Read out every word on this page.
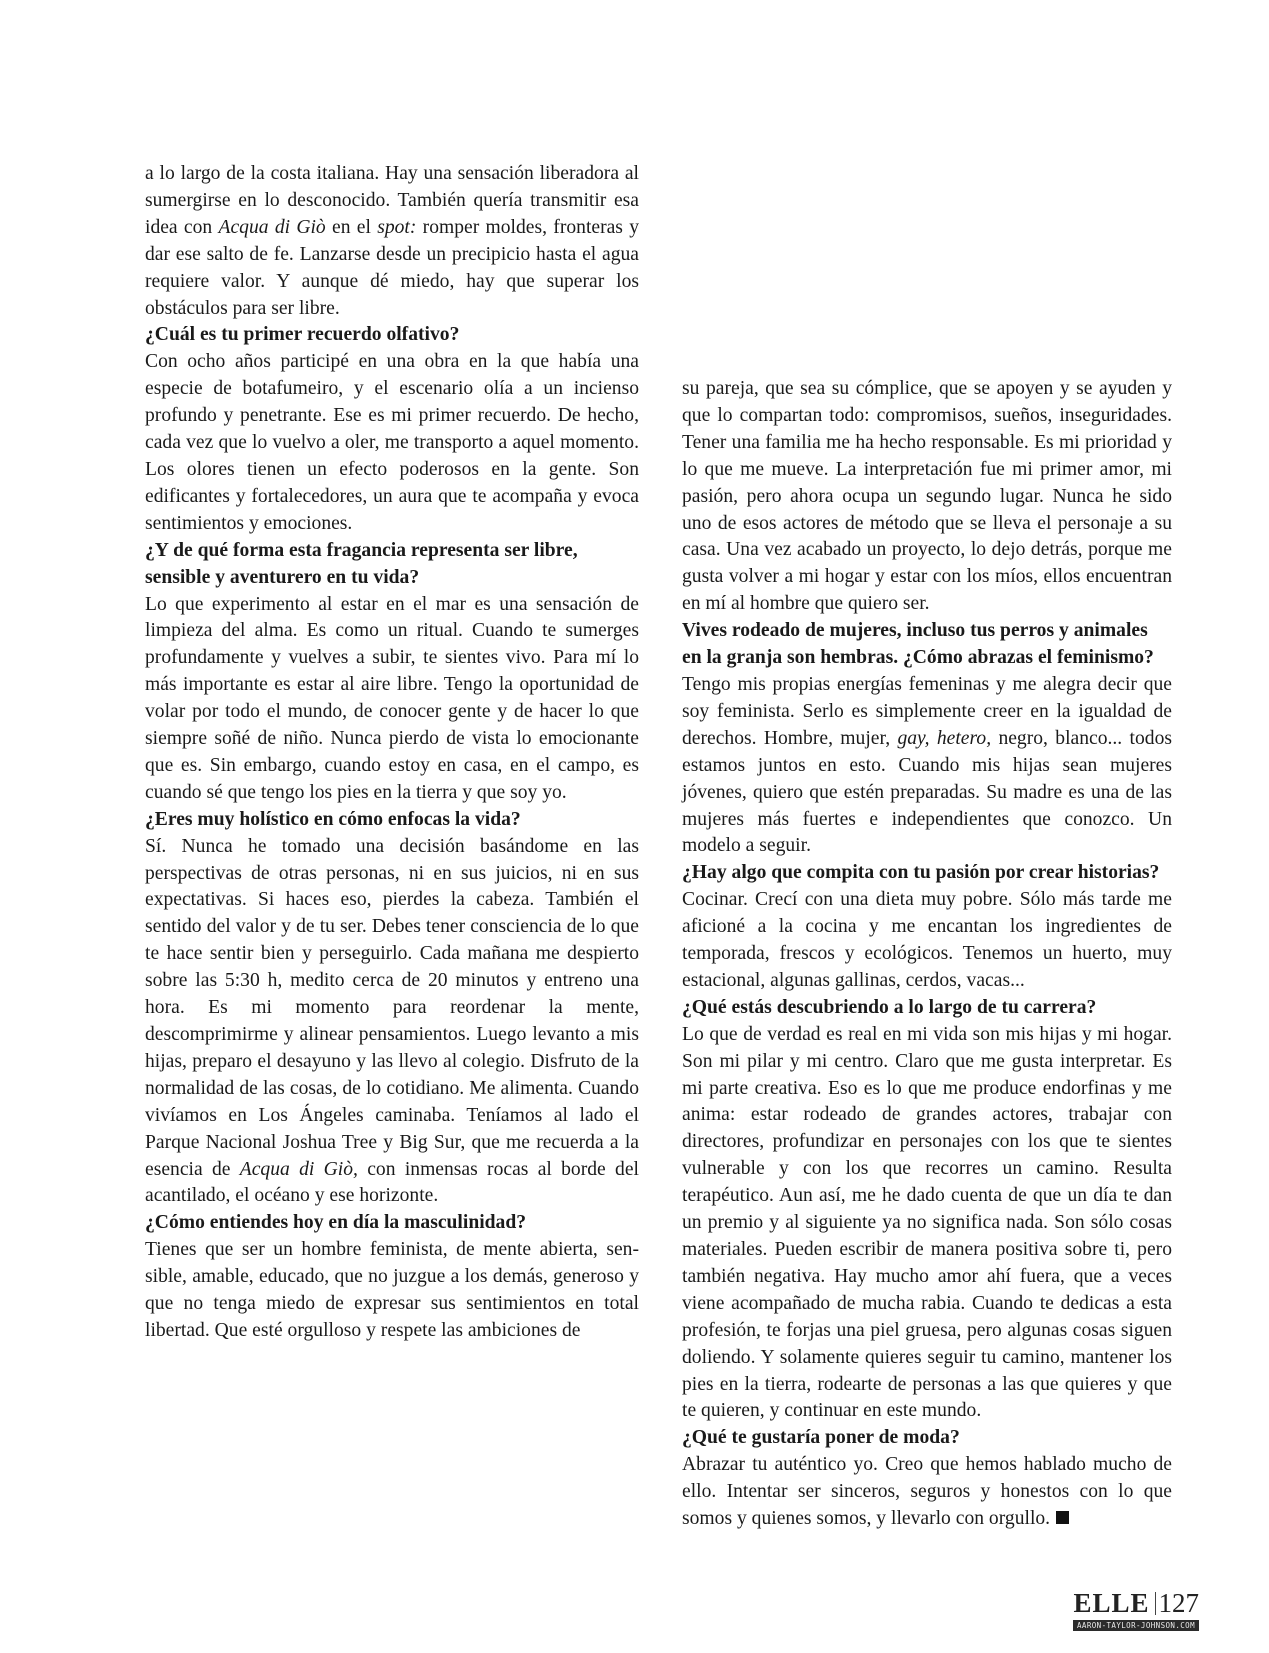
a lo largo de la costa italiana. Hay una sensación liberadora al sumergirse en lo desconocido. También quería transmitir esa idea con Acqua di Giò en el spot: romper moldes, fronteras y dar ese salto de fe. Lanzarse desde un precipicio hasta el agua requiere valor. Y aunque dé miedo, hay que superar los obstáculos para ser libre.

¿Cuál es tu primer recuerdo olfativo?

Con ocho años participé en una obra en la que había una especie de botafumeiro, y el escenario olía a un incienso profundo y penetrante. Ese es mi primer recuerdo. De hecho, cada vez que lo vuelvo a oler, me transporto a aquel momento. Los olores tienen un efecto poderosos en la gente. Son edificantes y fortalecedores, un aura que te acompaña y evoca sentimientos y emociones.

¿Y de qué forma esta fragancia representa ser libre, sensible y aventurero en tu vida?

Lo que experimento al estar en el mar es una sensación de limpieza del alma. Es como un ritual. Cuando te sumerges profundamente y vuelves a subir, te sientes vivo. Para mí lo más importante es estar al aire libre. Tengo la oportunidad de volar por todo el mundo, de conocer gente y de hacer lo que siempre soñé de niño. Nunca pierdo de vista lo emocionante que es. Sin embargo, cuando estoy en casa, en el campo, es cuando sé que tengo los pies en la tierra y que soy yo.

¿Eres muy holístico en cómo enfocas la vida?

Sí. Nunca he tomado una decisión basándome en las perspectivas de otras personas, ni en sus juicios, ni en sus expectativas. Si haces eso, pierdes la cabeza. También el sentido del valor y de tu ser. Debes tener consciencia de lo que te hace sentir bien y perseguirlo. Cada mañana me despierto sobre las 5:30 h, medito cerca de 20 minutos y entreno una hora. Es mi momento para reordenar la mente, descomprimirme y alinear pensamientos. Luego levanto a mis hijas, preparo el desayuno y las llevo al colegio. Disfruto de la normalidad de las cosas, de lo cotidiano. Me alimenta. Cuando vivíamos en Los Ángeles caminaba. Teníamos al lado el Parque Nacional Joshua Tree y Big Sur, que me recuerda a la esencia de Acqua di Giò, con inmensas rocas al borde del acantilado, el océano y ese horizonte.

¿Cómo entiendes hoy en día la masculinidad?

Tienes que ser un hombre feminista, de mente abierta, sensible, amable, educado, que no juzgue a los demás, generoso y que no tenga miedo de expresar sus sentimientos en total libertad. Que esté orgulloso y respete las ambiciones de

su pareja, que sea su cómplice, que se apoyen y se ayuden y que lo compartan todo: compromisos, sueños, inseguridades. Tener una familia me ha hecho responsable. Es mi prioridad y lo que me mueve. La interpretación fue mi primer amor, mi pasión, pero ahora ocupa un segundo lugar. Nunca he sido uno de esos actores de método que se lleva el personaje a su casa. Una vez acabado un proyecto, lo dejo detrás, porque me gusta volver a mi hogar y estar con los míos, ellos encuentran en mí al hombre que quiero ser.

Vives rodeado de mujeres, incluso tus perros y animales en la granja son hembras. ¿Cómo abrazas el feminismo?

Tengo mis propias energías femeninas y me alegra decir que soy feminista. Serlo es simplemente creer en la igualdad de derechos. Hombre, mujer, gay, hetero, negro, blanco... todos estamos juntos en esto. Cuando mis hijas sean mujeres jóvenes, quiero que estén preparadas. Su madre es una de las mujeres más fuertes e independientes que conozco. Un modelo a seguir.

¿Hay algo que compita con tu pasión por crear historias?

Cocinar. Crecí con una dieta muy pobre. Sólo más tarde me aficioné a la cocina y me encantan los ingredientes de temporada, frescos y ecológicos. Tenemos un huerto, muy estacional, algunas gallinas, cerdos, vacas...

¿Qué estás descubriendo a lo largo de tu carrera?

Lo que de verdad es real en mi vida son mis hijas y mi hogar. Son mi pilar y mi centro. Claro que me gusta interpretar. Es mi parte creativa. Eso es lo que me produce endorfinas y me anima: estar rodeado de grandes actores, trabajar con directores, profundizar en personajes con los que te sientes vulnerable y con los que recorres un camino. Resulta terapéutico. Aun así, me he dado cuenta de que un día te dan un premio y al siguiente ya no significa nada. Son sólo cosas materiales. Pueden escribir de manera positiva sobre ti, pero también negativa. Hay mucho amor ahí fuera, que a veces viene acompañado de mucha rabia. Cuando te dedicas a esta profesión, te forjas una piel gruesa, pero algunas cosas siguen doliendo. Y solamente quieres seguir tu camino, mantener los pies en la tierra, rodearte de personas a las que quieres y que te quieren, y continuar en este mundo.

¿Qué te gustaría poner de moda?

Abrazar tu auténtico yo. Creo que hemos hablado mucho de ello. Intentar ser sinceros, seguros y honestos con lo que somos y quienes somos, y llevarlo con orgullo.

ELLE 127
AARON-TAYLOR-JOHNSON.COM
